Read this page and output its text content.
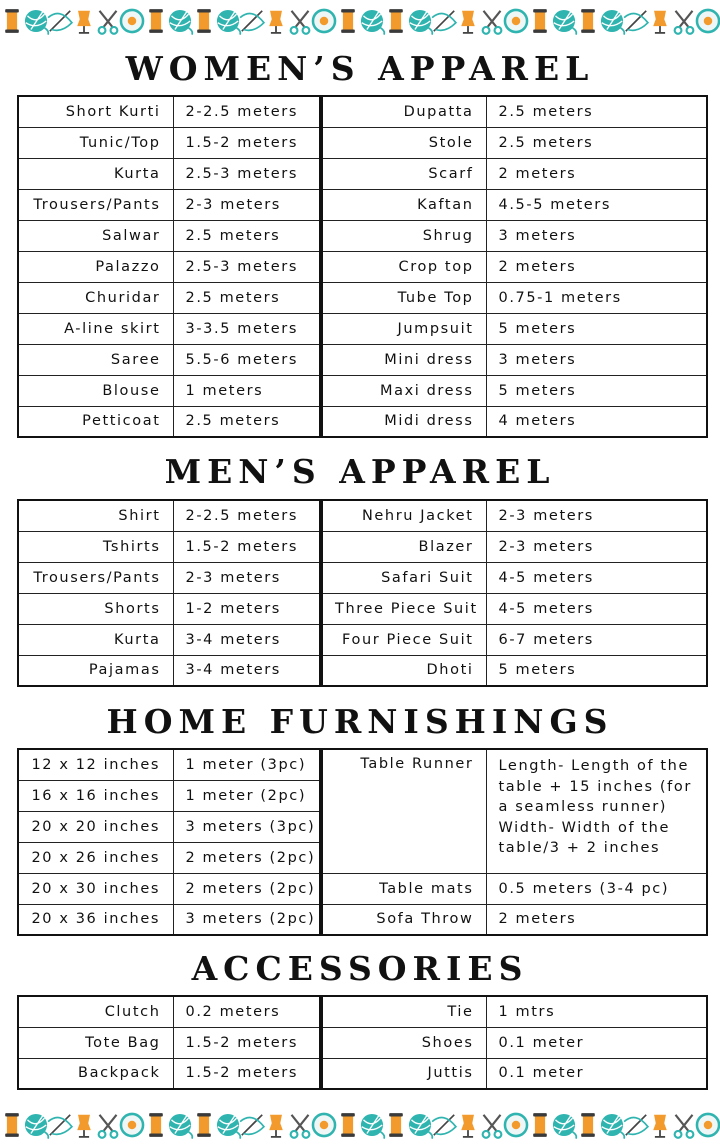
WOMEN’S APPAREL
Short Kurti	2-2.5 meters	Dupatta	2.5 meters
Tunic/Top	1.5-2 meters	Stole	2.5 meters
Kurta	2.5-3 meters	Scarf	2 meters
Trousers/Pants	2-3 meters	Kaftan	4.5-5 meters
Salwar	2.5 meters	Shrug	3 meters
Palazzo	2.5-3 meters	Crop top	2 meters
Churidar	2.5 meters	Tube Top	0.75-1 meters
A-line skirt	3-3.5 meters	Jumpsuit	5 meters
Saree	5.5-6 meters	Mini dress	3 meters
Blouse	1 meters	Maxi dress	5 meters
Petticoat	2.5 meters	Midi dress	4 meters
MEN’S APPAREL
Shirt	2-2.5 meters	Nehru Jacket	2-3 meters
Tshirts	1.5-2 meters	Blazer	2-3 meters
Trousers/Pants	2-3 meters	Safari Suit	4-5 meters
Shorts	1-2 meters	Three Piece Suit	4-5 meters
Kurta	3-4 meters	Four Piece Suit	6-7 meters
Pajamas	3-4 meters	Dhoti	5 meters
HOME FURNISHINGS
12 x 12 inches	1 meter (3pc)	Table Runner	Length- Length of the table + 15 inches (for a seamless runner)
Width- Width of the table/3 + 2 inches
16 x 16 inches	1 meter (2pc)		
20 x 20 inches	3 meters (3pc)		
20 x 26 inches	2 meters (2pc)		
20 x 30 inches	2 meters (2pc)	Table mats	0.5 meters (3-4 pc)
20 x 36 inches	3 meters (2pc)	Sofa Throw	2 meters
ACCESSORIES
Clutch	0.2 meters	Tie	1 mtrs
Tote Bag	1.5-2 meters	Shoes	0.1 meter
Backpack	1.5-2 meters	Juttis	0.1 meter
